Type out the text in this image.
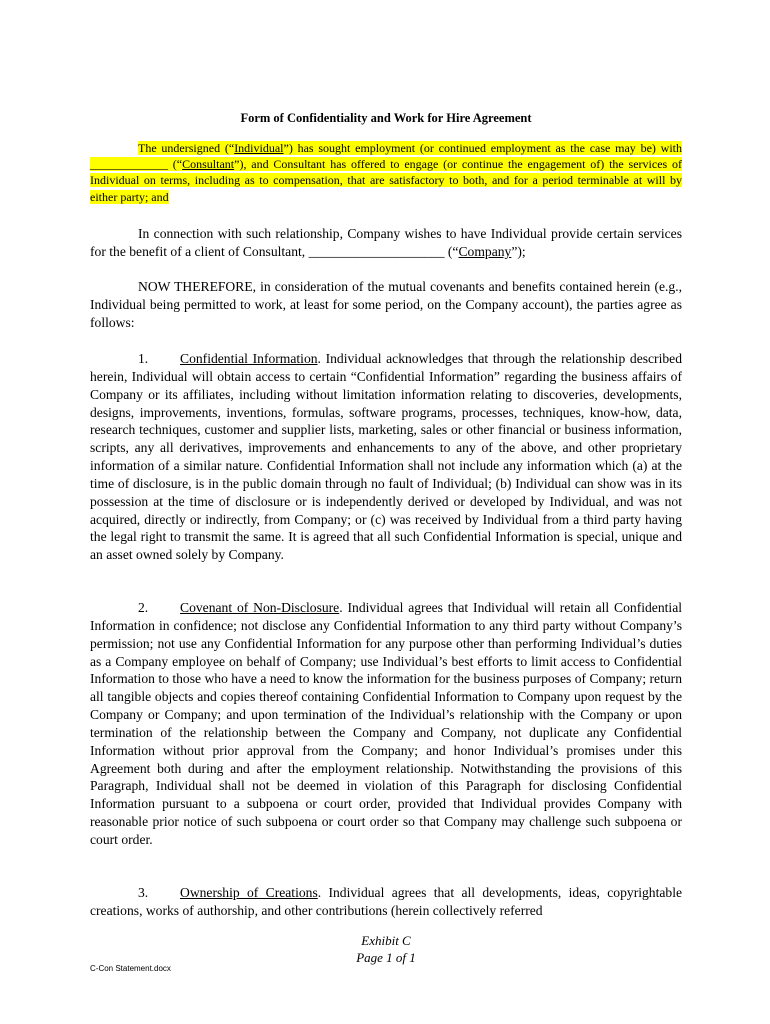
Form of Confidentiality and Work for Hire Agreement

The undersigned (“Individual”) has sought employment (or continued employment as the case may be) with _____________ (“Consultant”), and Consultant has offered to engage (or continue the engagement of) the services of Individual on terms, including as to compensation, that are satisfactory to both, and for a period terminable at will by either party; and

In connection with such relationship, Company wishes to have Individual provide certain services for the benefit of a client of Consultant, ____________________ (“Company”);

NOW THEREFORE, in consideration of the mutual covenants and benefits contained herein (e.g., Individual being permitted to work, at least for some period, on the Company account), the parties agree as follows:

1. Confidential Information. Individual acknowledges that through the relationship described herein, Individual will obtain access to certain “Confidential Information” regarding the business affairs of Company or its affiliates, including without limitation information relating to discoveries, developments, designs, improvements, inventions, formulas, software programs, processes, techniques, know-how, data, research techniques, customer and supplier lists, marketing, sales or other financial or business information, scripts, any all derivatives, improvements and enhancements to any of the above, and other proprietary information of a similar nature. Confidential Information shall not include any information which (a) at the time of disclosure, is in the public domain through no fault of Individual; (b) Individual can show was in its possession at the time of disclosure or is independently derived or developed by Individual, and was not acquired, directly or indirectly, from Company; or (c) was received by Individual from a third party having the legal right to transmit the same. It is agreed that all such Confidential Information is special, unique and an asset owned solely by Company.

2. Covenant of Non-Disclosure. Individual agrees that Individual will retain all Confidential Information in confidence; not disclose any Confidential Information to any third party without Company’s permission; not use any Confidential Information for any purpose other than performing Individual’s duties as a Company employee on behalf of Company; use Individual’s best efforts to limit access to Confidential Information to those who have a need to know the information for the business purposes of Company; return all tangible objects and copies thereof containing Confidential Information to Company upon request by the Company or Company; and upon termination of the Individual’s relationship with the Company or upon termination of the relationship between the Company and Company, not duplicate any Confidential Information without prior approval from the Company; and honor Individual’s promises under this Agreement both during and after the employment relationship. Notwithstanding the provisions of this Paragraph, Individual shall not be deemed in violation of this Paragraph for disclosing Confidential Information pursuant to a subpoena or court order, provided that Individual provides Company with reasonable prior notice of such subpoena or court order so that Company may challenge such subpoena or court order.

3. Ownership of Creations. Individual agrees that all developments, ideas, copyrightable creations, works of authorship, and other contributions (herein collectively referred

Exhibit C
Page 1 of 1
C-Con Statement.docx
